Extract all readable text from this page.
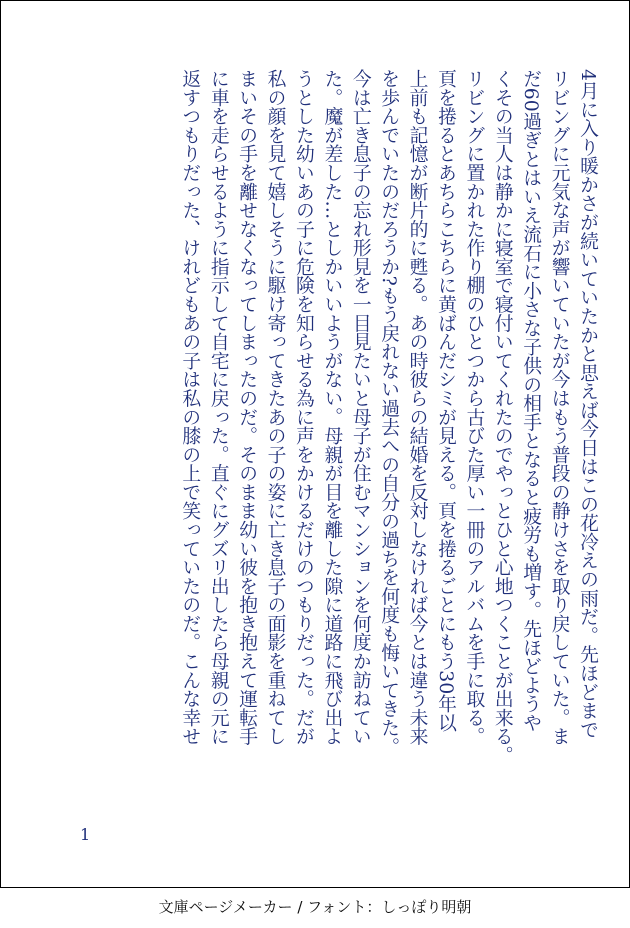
4月に入り暖かさが続いていたかと思えば今日はこの花冷えの雨だ。先ほどまで
リビングに元気な声が響いていたが今はもう普段の静けさを取り戻していた。ま
だ60過ぎとはいえ流石に小さな子供の相手となると疲労も増す。先ほどようや
くその当人は静かに寝室で寝付いてくれたのでやっとひと心地つくことが出来る。
リビングに置かれた作り棚のひとつから古びた厚い一冊のアルバムを手に取る。
頁を捲るとあちらこちらに黄ばんだシミが見える。頁を捲るごとにもう30年以
上前も記憶が断片的に甦る。あの時彼らの結婚を反対しなければ今とは違う未来
を歩んでいたのだろうか?もう戻れない過去への自分の過ちを何度も悔いてきた。
今は亡き息子の忘れ形見を一目見たいと母子が住むマンションを何度か訪ねてい
た。魔が差した…としかいいようがない。母親が目を離した隙に道路に飛び出よ
うとした幼いあの子に危険を知らせる為に声をかけるだけのつもりだった。だが
私の顔を見て嬉しそうに駆け寄ってきたあの子の姿に亡き息子の面影を重ねてし
まいその手を離せなくなってしまったのだ。そのまま幼い彼を抱き抱えて運転手
に車を走らせるように指示して自宅に戻った。直ぐにグズリ出したら母親の元に
返すつもりだった、けれどもあの子は私の膝の上で笑っていたのだ。こんな幸せ
1
文庫ページメーカー / フォント：しっぽり明朝
